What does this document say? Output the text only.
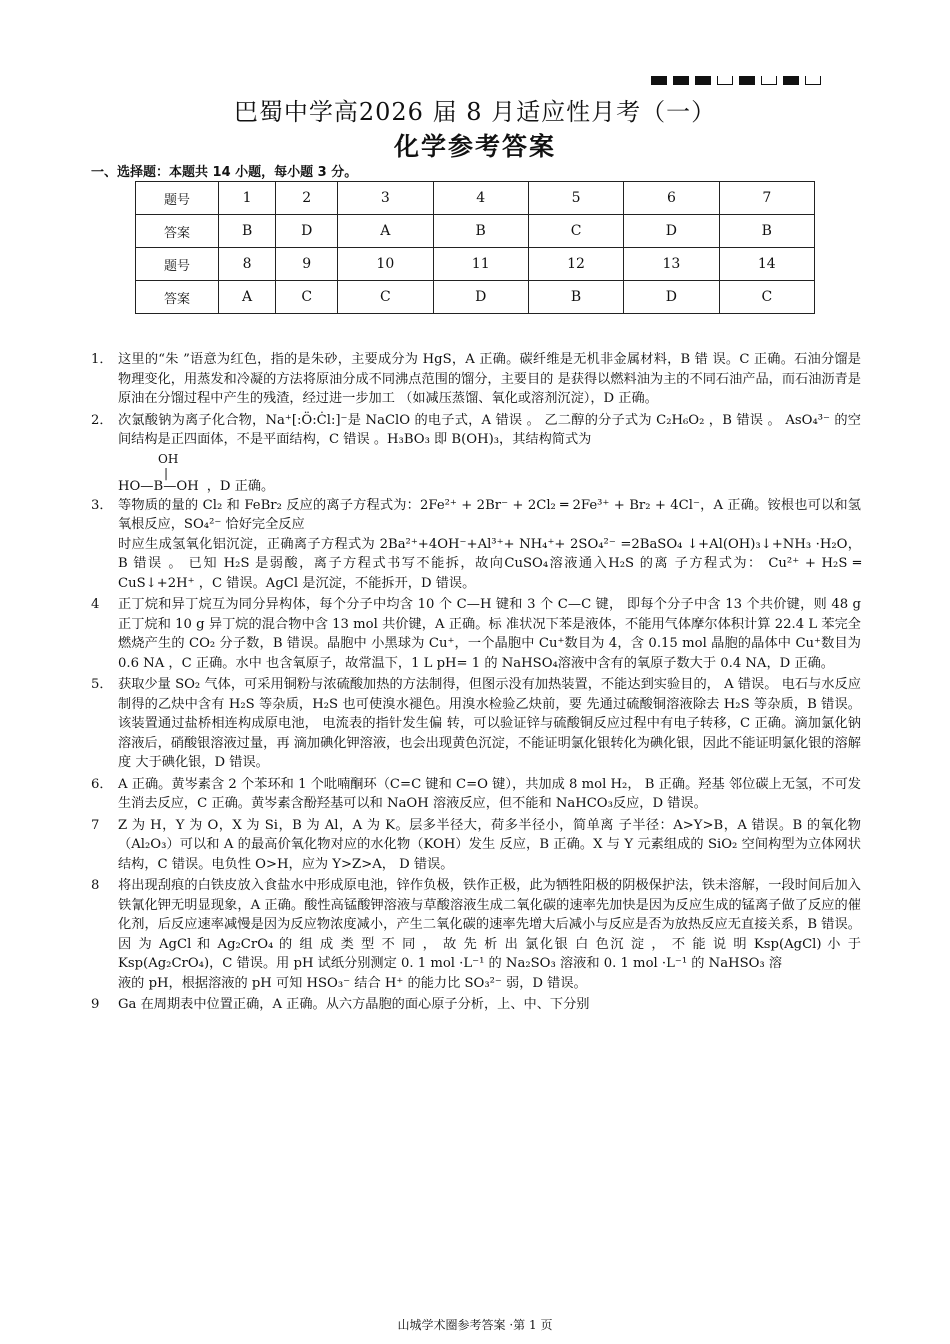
巴蜀中学高2026 届 8 月适应性月考（一）
化学参考答案
一、选择题：本题共 14 小题，每小题 3 分。
题号	1	2	3	4	5	6	7
答案	B	D	A	B	C	D	B
题号	8	9	10	11	12	13	14
答案	A	C	C	D	B	D	C
1． 这里的“朱 ”语意为红色，指的是朱砂，主要成分为 HgS，A 正确。碳纤维是无机非金属材料，B 错 误。C 正确。石油分馏是物理变化，用蒸发和冷凝的方法将原油分成不同沸点范围的馏分，主要目的 是获得以燃料油为主的不同石油产品，而石油沥青是原油在分馏过程中产生的残渣，经过进一步加工 （如减压蒸馏、氧化或溶剂沉淀），D 正确。
2． 次氯酸钠为离子化合物，Na⁺[:Ö:Ċl:]⁻是 NaClO 的电子式，A 错误 。 乙二醇的分子式为 C₂H₆O₂ ，B 错误 。 AsO₄³⁻ 的空间结构是正四面体，不是平面结构，C 错误 。H₃BO₃ 即 B(OH)₃，其结构简式为
OH
|
HO—B—OH ，D 正确。
3． 等物质的量的 Cl₂ 和 FeBr₂ 反应的离子方程式为：2Fe²⁺ + 2Br⁻ + 2Cl₂ ═ 2Fe³⁺ + Br₂ + 4Cl⁻，A 正确。铵根也可以和氢氧根反应，SO₄²⁻ 恰好完全反应
时应生成氢氧化铝沉淀，正确离子方程式为 2Ba²⁺+4OH⁻+Al³⁺+ NH₄⁺+ 2SO₄²⁻ =2BaSO₄ ↓+Al(OH)₃↓+NH₃ ·H₂O，B 错误 。 已知 H₂S 是弱酸，离子方程式书写不能拆，故向CuSO₄溶液通入H₂S 的离 子方程式为： Cu²⁺ + H₂S ═ CuS↓+2H⁺ ，C 错误。AgCl 是沉淀，不能拆开，D 错误。
4	正丁烷和异丁烷互为同分异构体，每个分子中均含 10 个 C—H 键和 3 个 C—C 键， 即每个分子中含 13 个共价键，则 48 g 正丁烷和 10 g 异丁烷的混合物中含 13 mol 共价键，A 正确。标 准状况下苯是液体，不能用气体摩尔体积计算 22.4 L 苯完全燃烧产生的 CO₂ 分子数，B 错误。晶胞中 小黑球为 Cu⁺，一个晶胞中 Cu⁺数目为 4，含 0.15 mol 晶胞的晶体中 Cu⁺数目为 0.6 NA ，C 正确。水中 也含氧原子，故常温下，1 L pH= 1 的 NaHSO₄溶液中含有的氧原子数大于 0.4 NA，D 正确。
5． 获取少量 SO₂ 气体，可采用铜粉与浓硫酸加热的方法制得，但图示没有加热装置，不能达到实验目的， A 错误。 电石与水反应制得的乙炔中含有 H₂S 等杂质，H₂S 也可使溴水褪色。用溴水检验乙炔前，要 先通过硫酸铜溶液除去 H₂S 等杂质，B 错误。该装置通过盐桥相连构成原电池， 电流表的指针发生偏 转，可以验证锌与硫酸铜反应过程中有电子转移，C 正确。滴加氯化钠溶液后，硝酸银溶液过量，再 滴加碘化钾溶液，也会出现黄色沉淀，不能证明氯化银转化为碘化银，因此不能证明氯化银的溶解度 大于碘化银，D 错误。
6． A 正确。黄岑素含 2 个苯环和 1 个吡喃酮环（C=C 键和 C=O 键），共加成 8 mol H₂， B 正确。羟基 邻位碳上无氢，不可发生消去反应，C 正确。黄岑素含酚羟基可以和 NaOH 溶液反应，但不能和 NaHCO₃反应，D 错误。
7	Z 为 H，Y 为 O，X 为 Si，B 为 Al，A 为 K。层多半径大，荷多半径小，简单离 子半径：A>Y>B，A 错误。B 的氧化物（Al₂O₃）可以和 A 的最高价氧化物对应的水化物（KOH）发生 反应，B 正确。X 与 Y 元素组成的 SiO₂ 空间构型为立体网状结构，C 错误。电负性 O>H，应为 Y>Z>A， D 错误。
8	将出现刮痕的白铁皮放入食盐水中形成原电池，锌作负极，铁作正极，此为牺牲阳极的阴极保护法，铁未溶解，一段时间后加入铁氰化钾无明显现象，A 正确。酸性高锰酸钾溶液与草酸溶液生成二氧化碳的速率先加快是因为反应生成的锰离子做了反应的催化剂，后反应速率减慢是因为反应物浓度减小，产生二氧化碳的速率先增大后减小与反应是否为放热反应无直接关系，B 错误。因 为 AgCl 和 Ag₂CrO₄ 的 组 成 类 型 不 同 ， 故 先 析 出 氯化银 白 色沉 淀 ， 不 能 说 明 Ksp(AgCl) 小 于 Ksp(Ag₂CrO₄)，C 错误。用 pH 试纸分别测定 0. 1 mol ·L⁻¹ 的 Na₂SO₃ 溶液和 0. 1 mol ·L⁻¹ 的 NaHSO₃ 溶
液的 pH，根据溶液的 pH 可知 HSO₃⁻ 结合 H⁺ 的能力比 SO₃²⁻ 弱，D 错误。
9	Ga 在周期表中位置正确，A 正确。从六方晶胞的面心原子分析，上、中、下分别
山城学术圈参考答案 ·第 1 页
